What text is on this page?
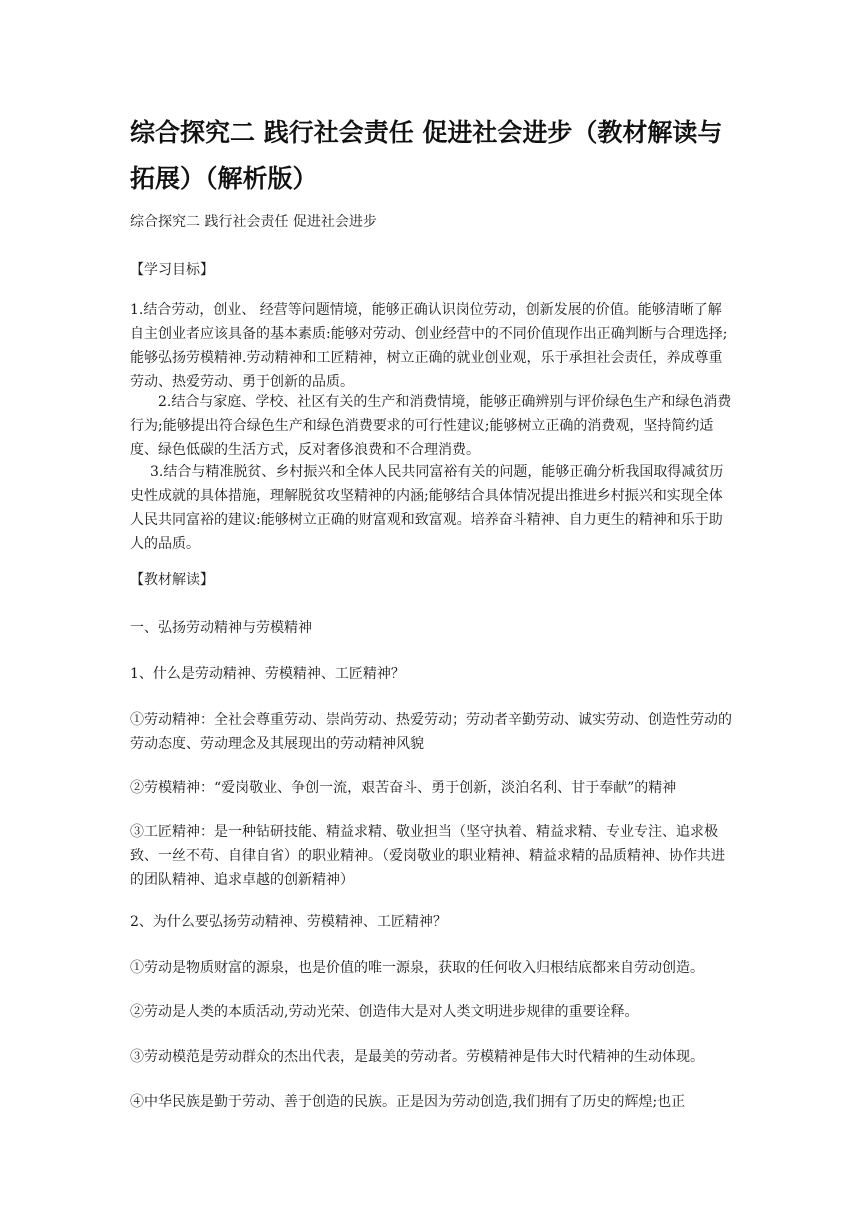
综合探究二 践行社会责任 促进社会进步（教材解读与拓展）（解析版）

综合探究二 践行社会责任 促进社会进步

【学习目标】

1.结合劳动，创业、 经营等问题情境，能够正确认识岗位劳动，创新发展的价值。能够清晰了解自主创业者应该具备的基本素质:能够对劳动、创业经营中的不同价值现作出正确判断与合理选择;能够弘扬劳模精神.劳动精神和工匠精神，树立正确的就业创业观，乐于承担社会责任，养成尊重劳动、热爱劳动、勇于创新的品质。

2.结合与家庭、学校、社区有关的生产和消费情境，能够正确辨别与评价绿色生产和绿色消费行为;能够提出符合绿色生产和绿色消费要求的可行性建议;能够树立正确的消费观，坚持简约适度、绿色低碳的生活方式，反对奢侈浪费和不合理消费。

3.结合与精准脱贫、乡村振兴和全体人民共同富裕有关的问题，能够正确分析我国取得减贫历史性成就的具体措施，理解脱贫攻坚精神的内涵;能够结合具体情况提出推进乡村振兴和实现全体人民共同富裕的建议:能够树立正确的财富观和致富观。培养奋斗精神、自力更生的精神和乐于助人的品质。

【教材解读】

一、弘扬劳动精神与劳模精神

1、什么是劳动精神、劳模精神、工匠精神？

①劳动精神：全社会尊重劳动、崇尚劳动、热爱劳动；劳动者辛勤劳动、诚实劳动、创造性劳动的劳动态度、劳动理念及其展现出的劳动精神风貌

②劳模精神：“爱岗敬业、争创一流，艰苦奋斗、勇于创新，淡泊名利、甘于奉献”的精神

③工匠精神：是一种钻研技能、精益求精、敬业担当（坚守执着、精益求精、专业专注、追求极致、一丝不苟、自律自省）的职业精神。（爱岗敬业的职业精神、精益求精的品质精神、协作共进的团队精神、追求卓越的创新精神）

2、为什么要弘扬劳动精神、劳模精神、工匠精神？

①劳动是物质财富的源泉，也是价值的唯一源泉，获取的任何收入归根结底都来自劳动创造。

②劳动是人类的本质活动,劳动光荣、创造伟大是对人类文明进步规律的重要诠释。

③劳动模范是劳动群众的杰出代表，是最美的劳动者。劳模精神是伟大时代精神的生动体现。

④中华民族是勤于劳动、善于创造的民族。正是因为劳动创造,我们拥有了历史的辉煌;也正
